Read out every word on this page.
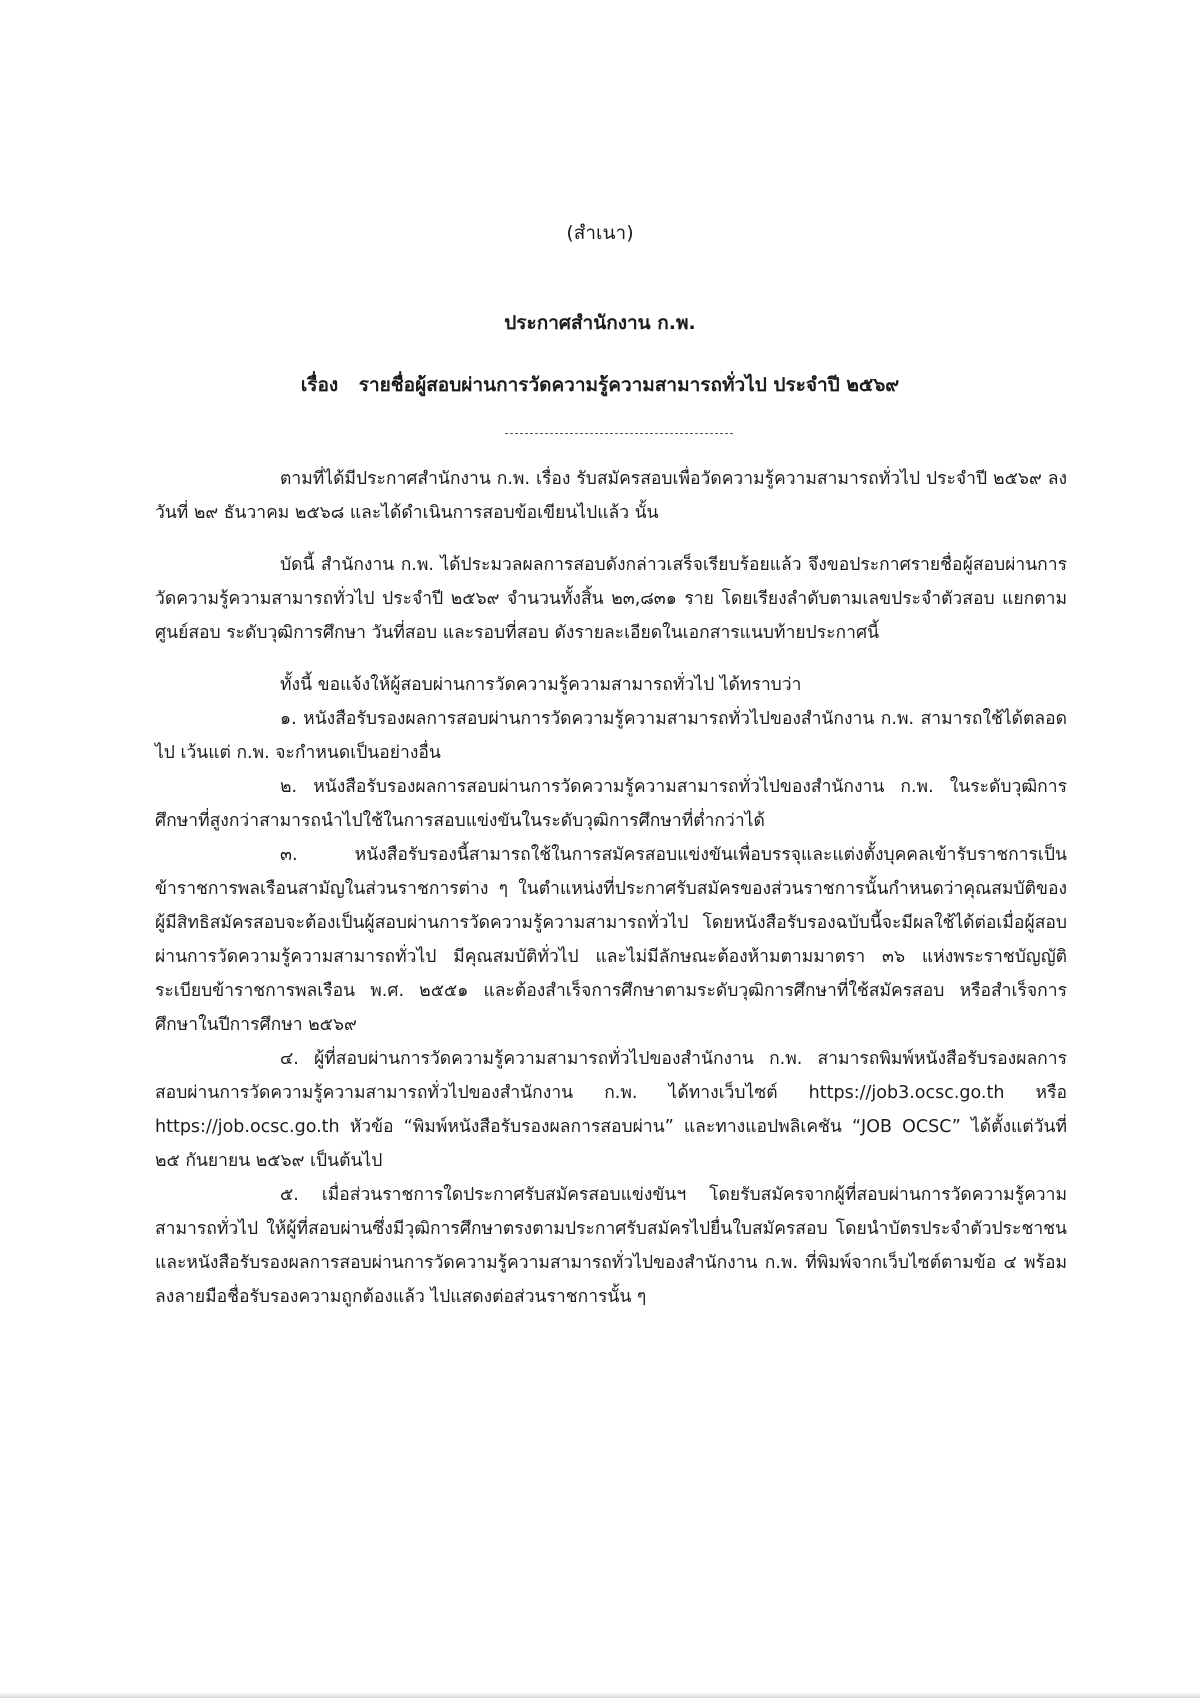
(สำเนา)
ประกาศสำนักงาน ก.พ.
เรื่อง รายชื่อผู้สอบผ่านการวัดความรู้ความสามารถทั่วไป ประจำปี ๒๕๖๙

ตามที่ได้มีประกาศสำนักงาน ก.พ. เรื่อง รับสมัครสอบเพื่อวัดความรู้ความสามารถทั่วไป ประจำปี ๒๕๖๙ ลงวันที่ ๒๙ ธันวาคม ๒๕๖๘ และได้ดำเนินการสอบข้อเขียนไปแล้ว นั้น

บัดนี้ สำนักงาน ก.พ. ได้ประมวลผลการสอบดังกล่าวเสร็จเรียบร้อยแล้ว จึงขอประกาศรายชื่อผู้สอบผ่านการวัดความรู้ความสามารถทั่วไป ประจำปี ๒๕๖๙ จำนวนทั้งสิ้น ๒๓,๘๓๑ ราย โดยเรียงลำดับตามเลขประจำตัวสอบ แยกตามศูนย์สอบ ระดับวุฒิการศึกษา วันที่สอบ และรอบที่สอบ ดังรายละเอียดในเอกสารแนบท้ายประกาศนี้

ทั้งนี้ ขอแจ้งให้ผู้สอบผ่านการวัดความรู้ความสามารถทั่วไป ได้ทราบว่า

๑. หนังสือรับรองผลการสอบผ่านการวัดความรู้ความสามารถทั่วไปของสำนักงาน ก.พ. สามารถใช้ได้ตลอดไป เว้นแต่ ก.พ. จะกำหนดเป็นอย่างอื่น

๒. หนังสือรับรองผลการสอบผ่านการวัดความรู้ความสามารถทั่วไปของสำนักงาน ก.พ. ในระดับวุฒิการศึกษาที่สูงกว่าสามารถนำไปใช้ในการสอบแข่งขันในระดับวุฒิการศึกษาที่ต่ำกว่าได้

๓. หนังสือรับรองนี้สามารถใช้ในการสมัครสอบแข่งขันเพื่อบรรจุและแต่งตั้งบุคคลเข้ารับราชการเป็นข้าราชการพลเรือนสามัญในส่วนราชการต่าง ๆ ในตำแหน่งที่ประกาศรับสมัครของส่วนราชการนั้นกำหนดว่าคุณสมบัติของผู้มีสิทธิสมัครสอบจะต้องเป็นผู้สอบผ่านการวัดความรู้ความสามารถทั่วไป โดยหนังสือรับรองฉบับนี้จะมีผลใช้ได้ต่อเมื่อผู้สอบผ่านการวัดความรู้ความสามารถทั่วไป มีคุณสมบัติทั่วไป และไม่มีลักษณะต้องห้ามตามมาตรา ๓๖ แห่งพระราชบัญญัติระเบียบข้าราชการพลเรือน พ.ศ. ๒๕๕๑ และต้องสำเร็จการศึกษาตามระดับวุฒิการศึกษาที่ใช้สมัครสอบ หรือสำเร็จการศึกษาในปีการศึกษา ๒๕๖๙

๔. ผู้ที่สอบผ่านการวัดความรู้ความสามารถทั่วไปของสำนักงาน ก.พ. สามารถพิมพ์หนังสือรับรองผลการสอบผ่านการวัดความรู้ความสามารถทั่วไปของสำนักงาน ก.พ. ได้ทางเว็บไซต์ https://job3.ocsc.go.th หรือ https://job.ocsc.go.th หัวข้อ “พิมพ์หนังสือรับรองผลการสอบผ่าน” และทางแอปพลิเคชัน “JOB OCSC” ได้ตั้งแต่วันที่ ๒๕ กันยายน ๒๕๖๙ เป็นต้นไป

๕. เมื่อส่วนราชการใดประกาศรับสมัครสอบแข่งขันฯ โดยรับสมัครจากผู้ที่สอบผ่านการวัดความรู้ความสามารถทั่วไป ให้ผู้ที่สอบผ่านซึ่งมีวุฒิการศึกษาตรงตามประกาศรับสมัครไปยื่นใบสมัครสอบ โดยนำบัตรประจำตัวประชาชนและหนังสือรับรองผลการสอบผ่านการวัดความรู้ความสามารถทั่วไปของสำนักงาน ก.พ. ที่พิมพ์จากเว็บไซต์ตามข้อ ๔ พร้อมลงลายมือชื่อรับรองความถูกต้องแล้ว ไปแสดงต่อส่วนราชการนั้น ๆ
